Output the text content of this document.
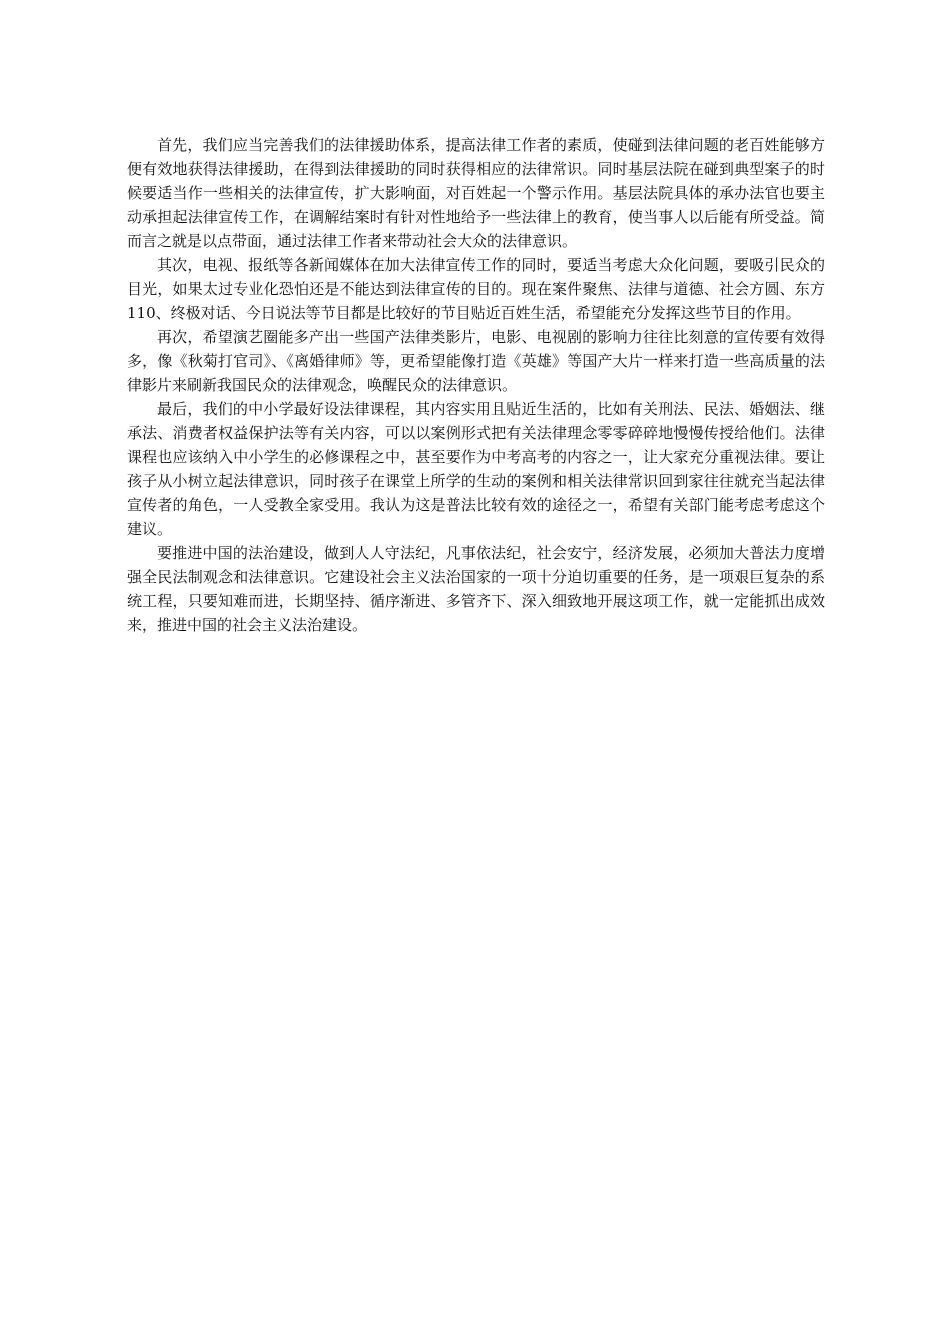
首先，我们应当完善我们的法律援助体系，提高法律工作者的素质，使碰到法律问题的老百姓能够方便有效地获得法律援助，在得到法律援助的同时获得相应的法律常识。同时基层法院在碰到典型案子的时候要适当作一些相关的法律宣传，扩大影响面，对百姓起一个警示作用。基层法院具体的承办法官也要主动承担起法律宣传工作，在调解结案时有针对性地给予一些法律上的教育，使当事人以后能有所受益。简而言之就是以点带面，通过法律工作者来带动社会大众的法律意识。

其次，电视、报纸等各新闻媒体在加大法律宣传工作的同时，要适当考虑大众化问题，要吸引民众的目光，如果太过专业化恐怕还是不能达到法律宣传的目的。现在案件聚焦、法律与道德、社会方圆、东方110、终极对话、今日说法等节目都是比较好的节目贴近百姓生活，希望能充分发挥这些节目的作用。

再次，希望演艺圈能多产出一些国产法律类影片，电影、电视剧的影响力往往比刻意的宣传要有效得多，像《秋菊打官司》、《离婚律师》等，更希望能像打造《英雄》等国产大片一样来打造一些高质量的法律影片来刷新我国民众的法律观念，唤醒民众的法律意识。

最后，我们的中小学最好设法律课程，其内容实用且贴近生活的，比如有关刑法、民法、婚姻法、继承法、消费者权益保护法等有关内容，可以以案例形式把有关法律理念零零碎碎地慢慢传授给他们。法律课程也应该纳入中小学生的必修课程之中，甚至要作为中考高考的内容之一，让大家充分重视法律。要让孩子从小树立起法律意识，同时孩子在课堂上所学的生动的案例和相关法律常识回到家往往就充当起法律宣传者的角色，一人受教全家受用。我认为这是普法比较有效的途径之一，希望有关部门能考虑考虑这个建议。

要推进中国的法治建设，做到人人守法纪，凡事依法纪，社会安宁，经济发展，必须加大普法力度增强全民法制观念和法律意识。它建设社会主义法治国家的一项十分迫切重要的任务，是一项艰巨复杂的系统工程，只要知难而进，长期坚持、循序渐进、多管齐下、深入细致地开展这项工作，就一定能抓出成效来，推进中国的社会主义法治建设。
